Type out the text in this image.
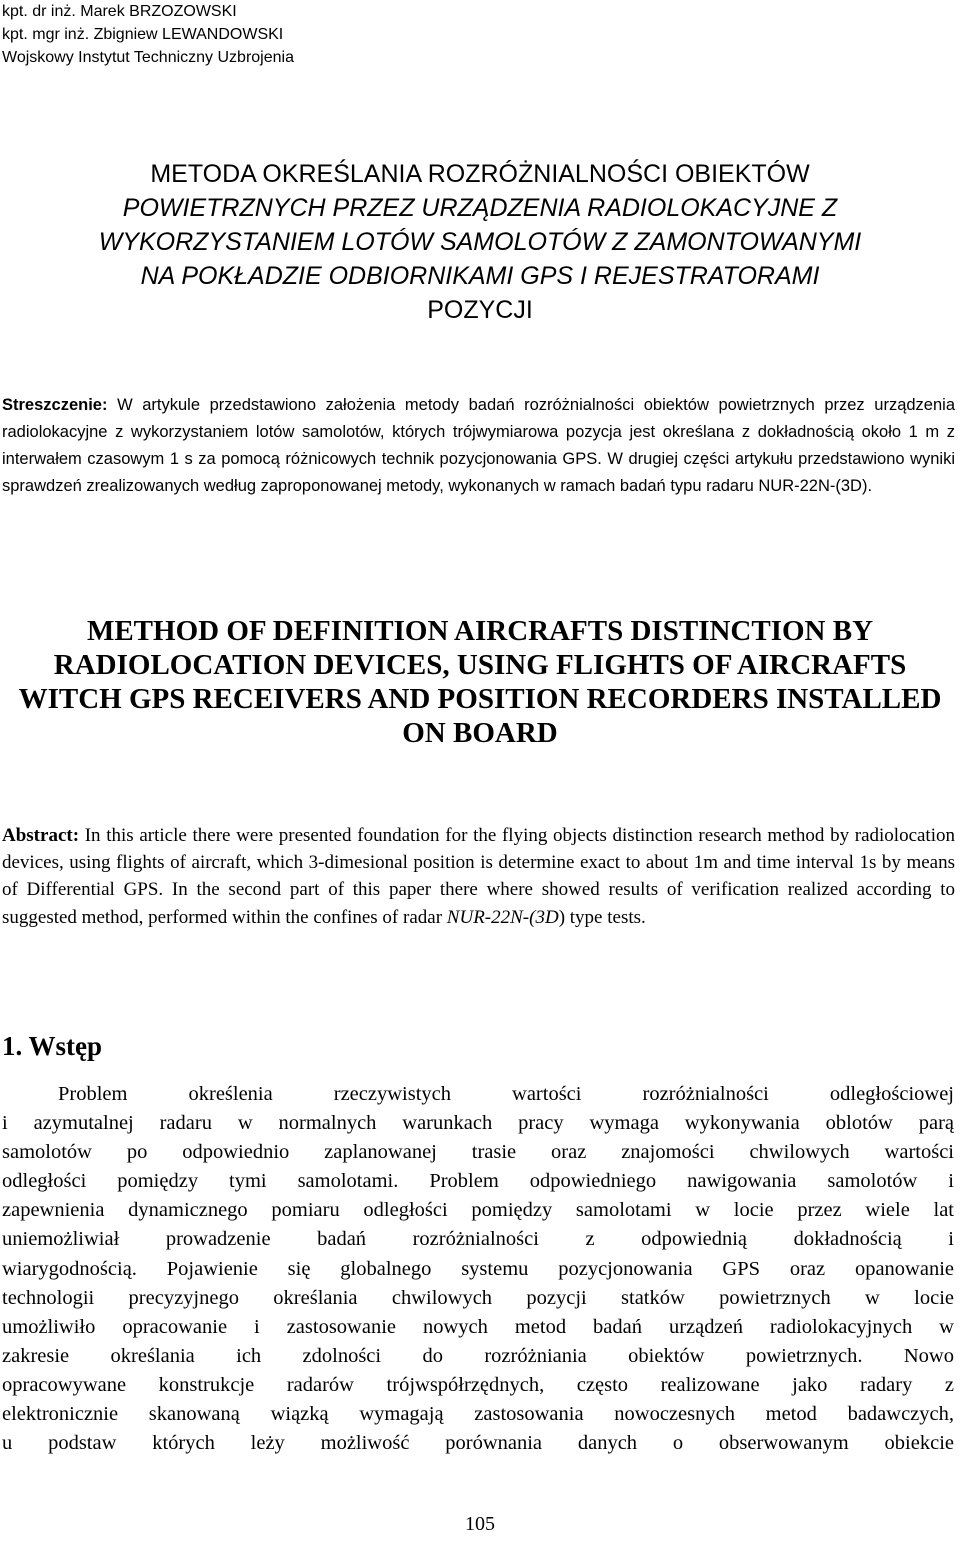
kpt. dr inż. Marek BRZOZOWSKI
kpt. mgr inż. Zbigniew LEWANDOWSKI
Wojskowy Instytut Techniczny Uzbrojenia
METODA OKREŚLANIA ROZRÓŻNIALNOŚCI OBIEKTÓW
POWIETRZNYCH PRZEZ URZĄDZENIA RADIOLOKACYJNE Z
WYKORZYSTANIEM LOTÓW SAMOLOTÓW Z ZAMONTOWANYMI
NA POKŁADZIE ODBIORNIKAMI GPS I REJESTRATORAMI
POZYCJI
Streszczenie: W artykule przedstawiono założenia metody badań rozróżnialności obiektów powietrznych przez urządzenia radiolokacyjne z wykorzystaniem lotów samolotów, których trójwymiarowa pozycja jest określana z dokładnością około 1 m z interwałem czasowym 1 s za pomocą różnicowych technik pozycjonowania GPS. W drugiej części artykułu przedstawiono wyniki sprawdzeń zrealizowanych według zaproponowanej metody, wykonanych w ramach badań typu radaru NUR-22N-(3D).
METHOD OF DEFINITION AIRCRAFTS DISTINCTION BY
RADIOLOCATION DEVICES, USING FLIGHTS OF AIRCRAFTS
WITCH GPS RECEIVERS AND POSITION RECORDERS INSTALLED
ON BOARD
Abstract: In this article there were presented foundation for the flying objects distinction research method by radiolocation devices, using flights of aircraft, which 3-dimesional position is determine exact to about 1m and time interval 1s by means of Differential GPS. In the second part of this paper there where showed results of verification realized according to suggested method, performed within the confines of radar NUR-22N-(3D) type tests.
1. Wstęp
Problem określenia rzeczywistych wartości rozróżnialności odległościowej
i azymutalnej radaru w normalnych warunkach pracy wymaga wykonywania oblotów parą
samolotów po odpowiednio zaplanowanej trasie oraz znajomości chwilowych wartości
odległości pomiędzy tymi samolotami. Problem odpowiedniego nawigowania samolotów i
zapewnienia dynamicznego pomiaru odległości pomiędzy samolotami w locie przez wiele lat
uniemożliwiał prowadzenie badań rozróżnialności z odpowiednią dokładnością i
wiarygodnością. Pojawienie się globalnego systemu pozycjonowania GPS oraz opanowanie
technologii precyzyjnego określania chwilowych pozycji statków powietrznych w locie
umożliwiło opracowanie i zastosowanie nowych metod badań urządzeń radiolokacyjnych w
zakresie określania ich zdolności do rozróżniania obiektów powietrznych. Nowo
opracowywane konstrukcje radarów trójwspółrzędnych, często realizowane jako radary z
elektronicznie skanowaną wiązką wymagają zastosowania nowoczesnych metod badawczych,
u podstaw których leży możliwość porównania danych o obserwowanym obiekcie
105
